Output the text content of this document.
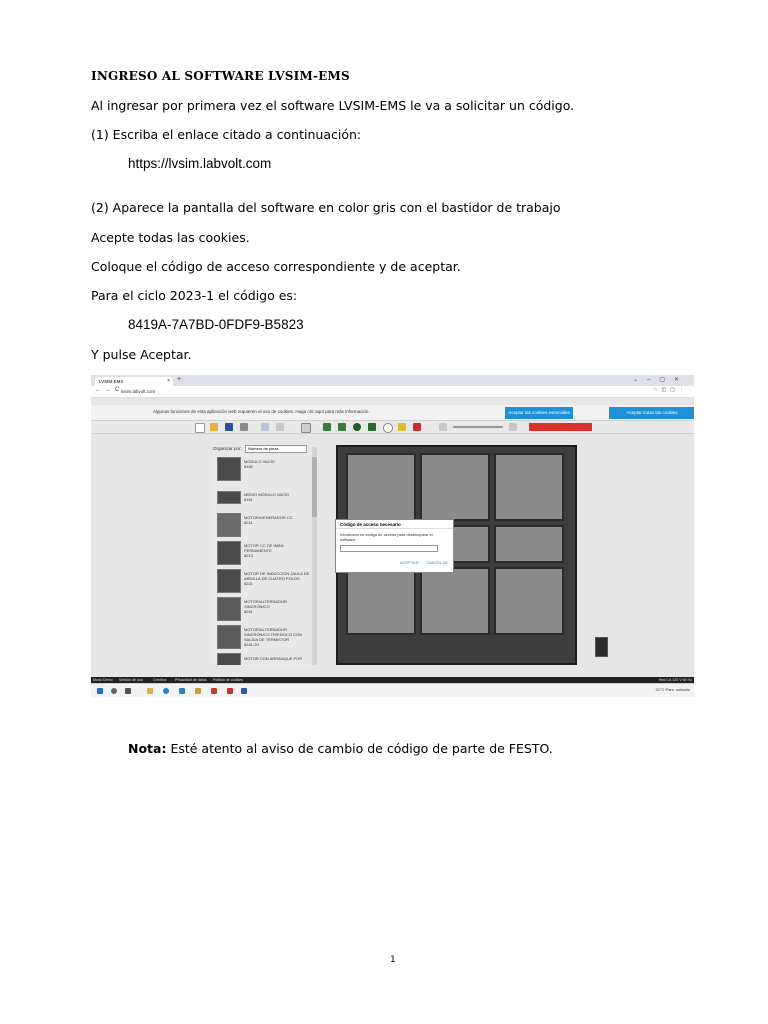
INGRESO AL SOFTWARE LVSIM-EMS
Al ingresar por primera vez el software LVSIM-EMS le va a solicitar un código.
(1) Escriba el enlace citado a continuación:
https://lvsim.labvolt.com
(2) Aparece la pantalla del software en color gris con el bastidor de trabajo
Acepte todas las cookies.
Coloque el código de acceso correspondiente y de aceptar.
Para el ciclo 2023-1 el código es:
8419A-7A7BD-0FDF9-B5823
Y pulse Aceptar.
LVSIM-EMS	× +	⌄–▢✕
←→C
lvsim.labvolt.com	☆◫▢⋮
Algunas funciones de esta aplicación web requieren el uso de cookies. Haga clic aquí para más información.	Aceptar las cookies esenciales	Aceptar todas las cookies
Organizar por:	Número de pieza
MÓDULO VACÍO
8160
MEDIO MÓDULO VACÍO
8161
MOTOR/GENERADOR CC
8211
MOTOR CC DE IMÁN PERMANENTE
8213
MOTOR DE INDUCCIÓN JAULA DE ARDILLA DE CUATRO POLOS
8221
MOTOR/ALTERNADOR SINCRÓNICO
8241
MOTOR/ALTERNADOR SINCRÓNICO TRIFÁSICO CON SALIDA DE TERMISTOR
8241-20
MOTOR CON ARRANQUE POR
Código de acceso necesario
Introduzca su código de acceso para desbloquear el software:
ACEPTAR CANCELAR
Modo Demo Versión de uso	Créditos Privacidad de datos Política de cookies	Red CA 120 V 60 Hz
21°C Parc. soleado
Nota: Esté atento al aviso de cambio de código de parte de FESTO.
1
